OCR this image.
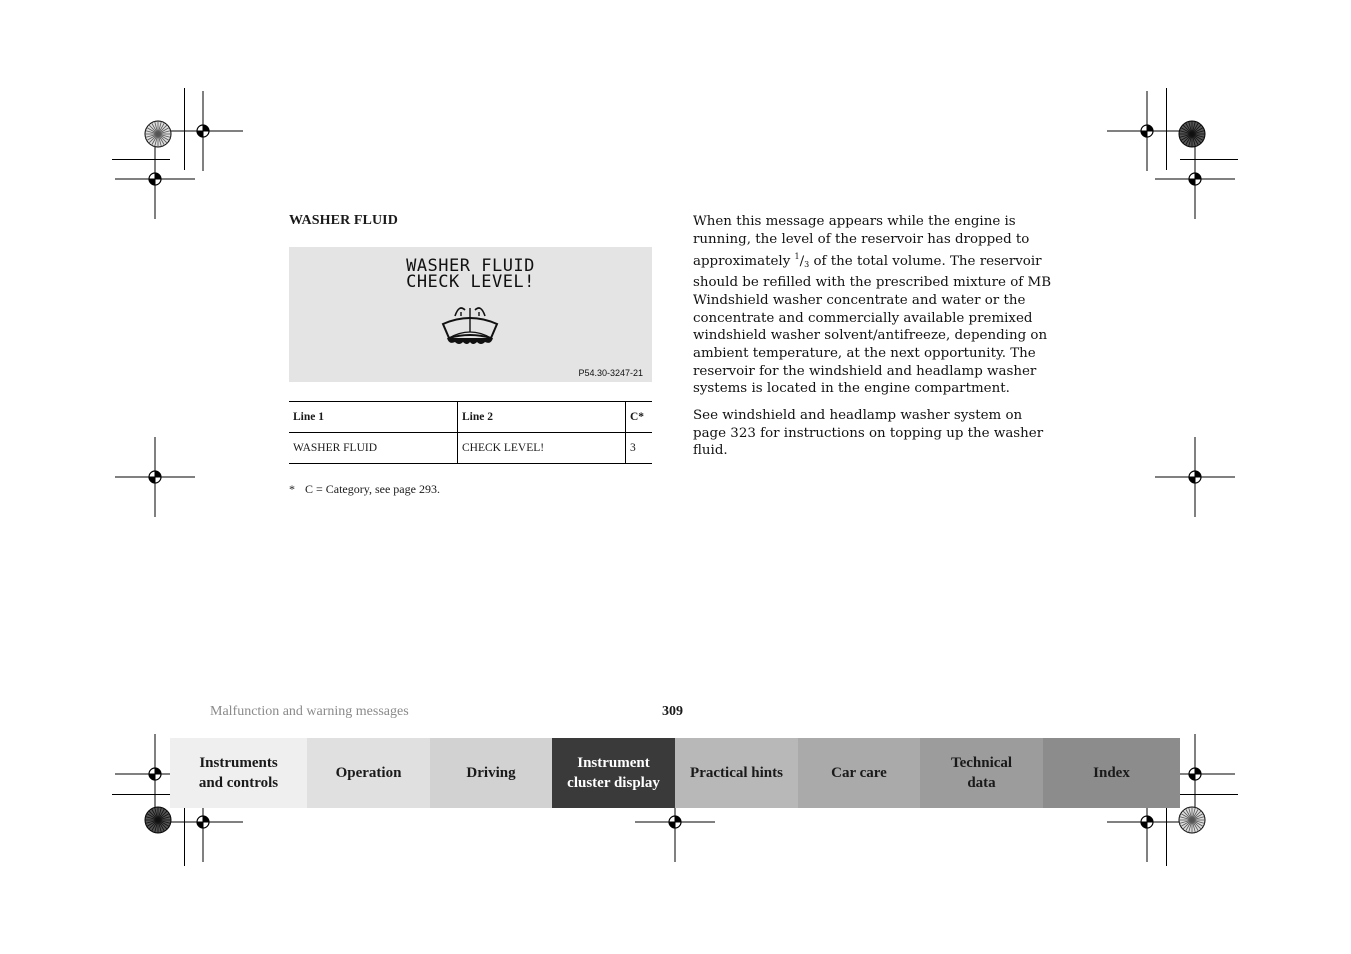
WASHER FLUID
WASHER FLUID
CHECK LEVEL!
P54.30-3247-21
Line 1	Line 2	C*
WASHER FLUID	CHECK LEVEL!	3
* C = Category, see page 293.

When this message appears while the engine is running, the level of the reservoir has dropped to approximately $^1/_3$ of the total volume. The reservoir should be refilled with the prescribed mixture of MB Windshield washer concentrate and water or the concentrate and commercially available premixed windshield washer solvent/antifreeze, depending on ambient temperature, at the next opportunity. The reservoir for the windshield and headlamp washer systems is located in the engine compartment.

See windshield and headlamp washer system on page 323 for instructions on topping up the washer fluid.

Malfunction and warning messages	309
Instruments and controls
Operation	Driving
Instrument cluster display
Practical hints	Car care
Technical data
Index
